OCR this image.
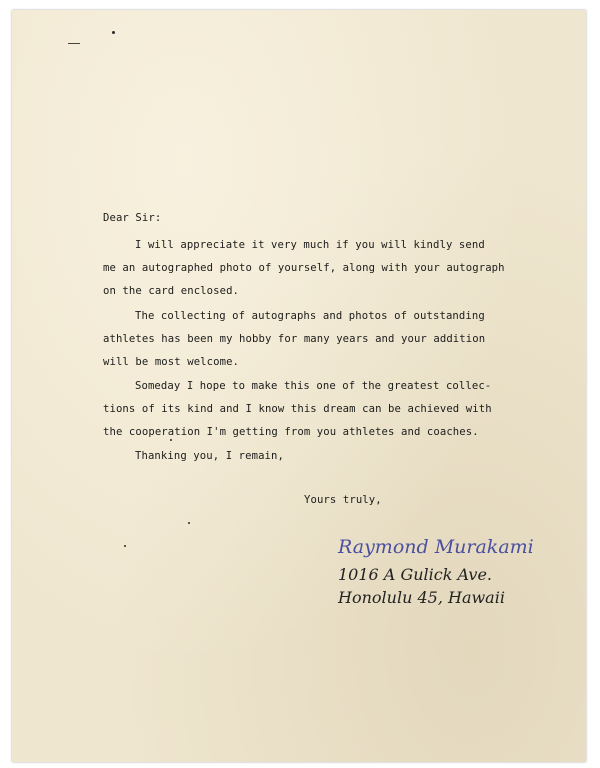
Dear Sir:
I will appreciate it very much if you will kindly send
me an autographed photo of yourself, along with your autograph
on the card enclosed.
The collecting of autographs and photos of outstanding
athletes has been my hobby for many years and your addition
will be most welcome.
Someday I hope to make this one of the greatest collec-
tions of its kind and I know this dream can be achieved with
the cooperation I'm getting from you athletes and coaches.
Thanking you, I remain,
Yours truly,
Raymond Murakami
1016 A Gulick Ave.
Honolulu 45, Hawaii
